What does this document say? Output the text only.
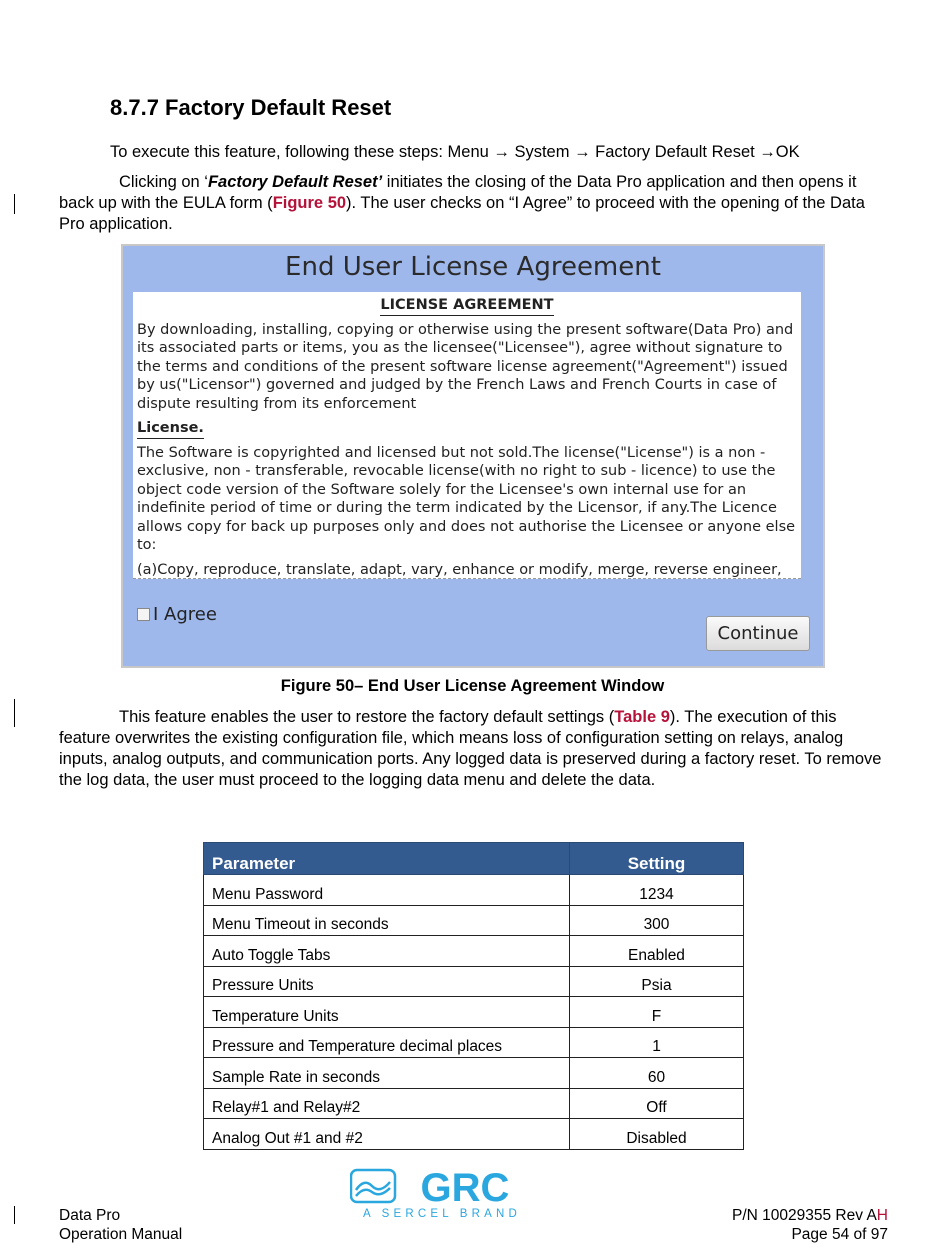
8.7.7 Factory Default Reset
To execute this feature, following these steps: Menu → System → Factory Default Reset →OK
Clicking on ‘Factory Default Reset’ initiates the closing of the Data Pro application and then opens it back up with the EULA form (Figure 50). The user checks on “I Agree” to proceed with the opening of the Data Pro application.
End User License Agreement
LICENSE AGREEMENT
By downloading, installing, copying or otherwise using the present software(Data Pro) and its associated parts or items, you as the licensee("Licensee"), agree without signature to the terms and conditions of the present software license agreement("Agreement") issued by us("Licensor") governed and judged by the French Laws and French Courts in case of dispute resulting from its enforcement
License.
The Software is copyrighted and licensed but not sold.The license("License") is a non - exclusive, non - transferable, revocable license(with no right to sub - licence) to use the object code version of the Software solely for the Licensee's own internal use for an indefinite period of time or during the term indicated by the Licensor, if any.The Licence allows copy for back up purposes only and does not authorise the Licensee or anyone else to:
(a)Copy, reproduce, translate, adapt, vary, enhance or modify, merge, reverse engineer,
I Agree
Continue
Figure 50– End User License Agreement Window
This feature enables the user to restore the factory default settings (Table 9). The execution of this feature overwrites the existing configuration file, which means loss of configuration setting on relays, analog inputs, analog outputs, and communication ports. Any logged data is preserved during a factory reset. To remove the log data, the user must proceed to the logging data menu and delete the data.
Parameter	Setting
Menu Password	1234
Menu Timeout in seconds	300
Auto Toggle Tabs	Enabled
Pressure Units	Psia
Temperature Units	F
Pressure and Temperature decimal places	1
Sample Rate in seconds	60
Relay#1 and Relay#2	Off
Analog Out #1 and #2	Disabled
GRC
A SERCEL BRAND
Data Pro
Operation Manual
P/N 10029355 Rev AH
Page 54 of 97
